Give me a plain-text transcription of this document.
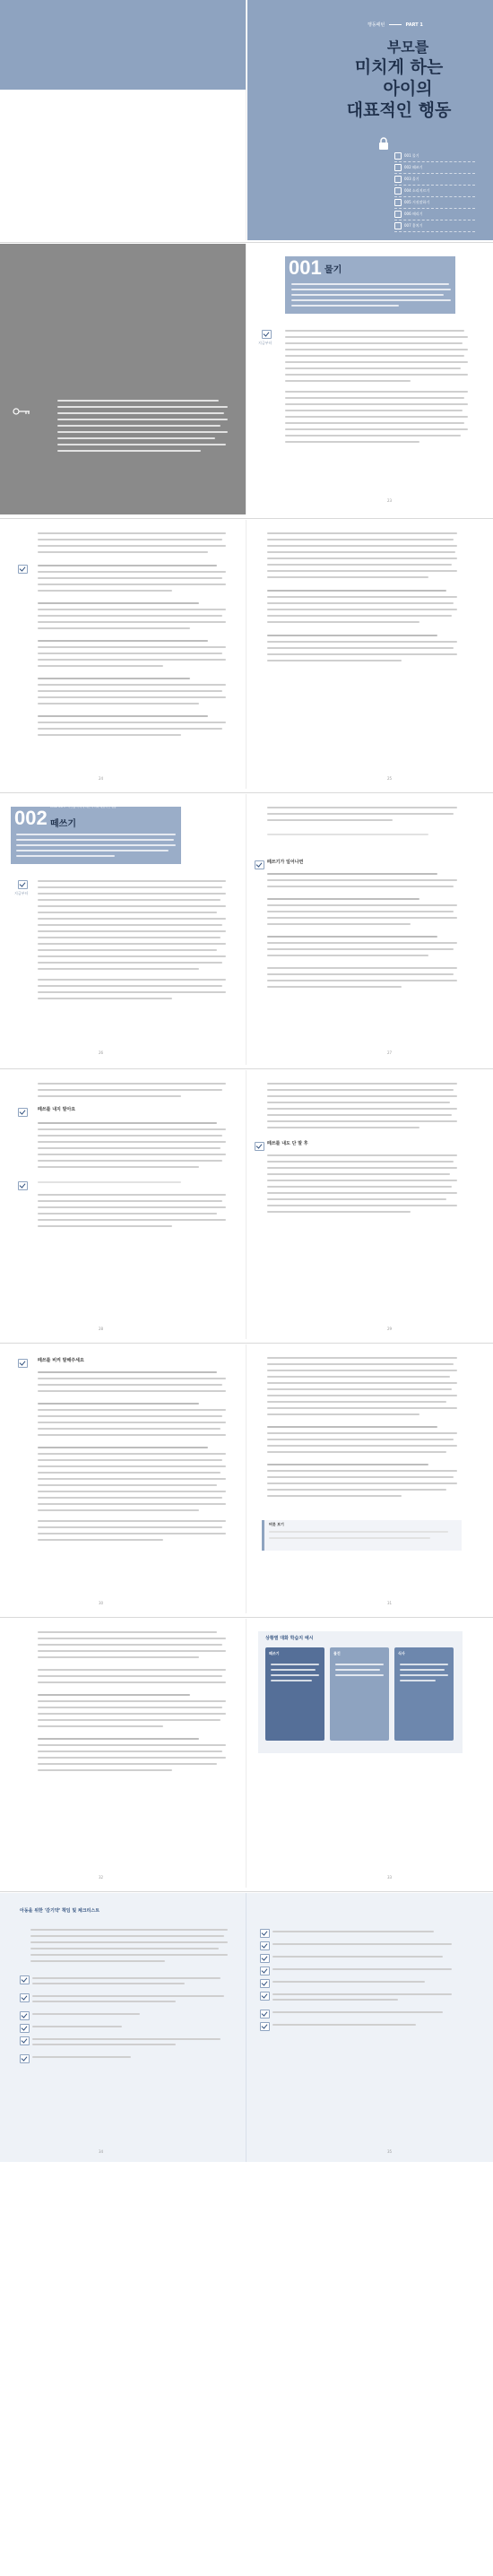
행동패턴	PART 1
부모를
미치게 하는
아이의
대표적인 행동
001 물기
002 떼쓰기
003 울기
004 소리지르기
005 거짓말하기
006 때리기
007 훔치기
001 물기
CHAPTER 1 · 부모를 미치게 하는 아이의 대표적인 행동
지금부터
23
24	25
002 떼쓰기
CHAPTER 1 · 부모를 미치게 하는 아이의 대표적인 행동
지금부터
26
떼쓰기가 일어나면
27
떼쓰를 내지 말아요
28
떼쓰를 내도 단 말 후
29
떼쓰를 비켜 말해주세요
30
버릇 보기
31
32
상황별 대화 학습지 예시
떼쓰기	물건	식사
33
아동을 위한 '감기약' 책임 및 체크리스트
34	35
